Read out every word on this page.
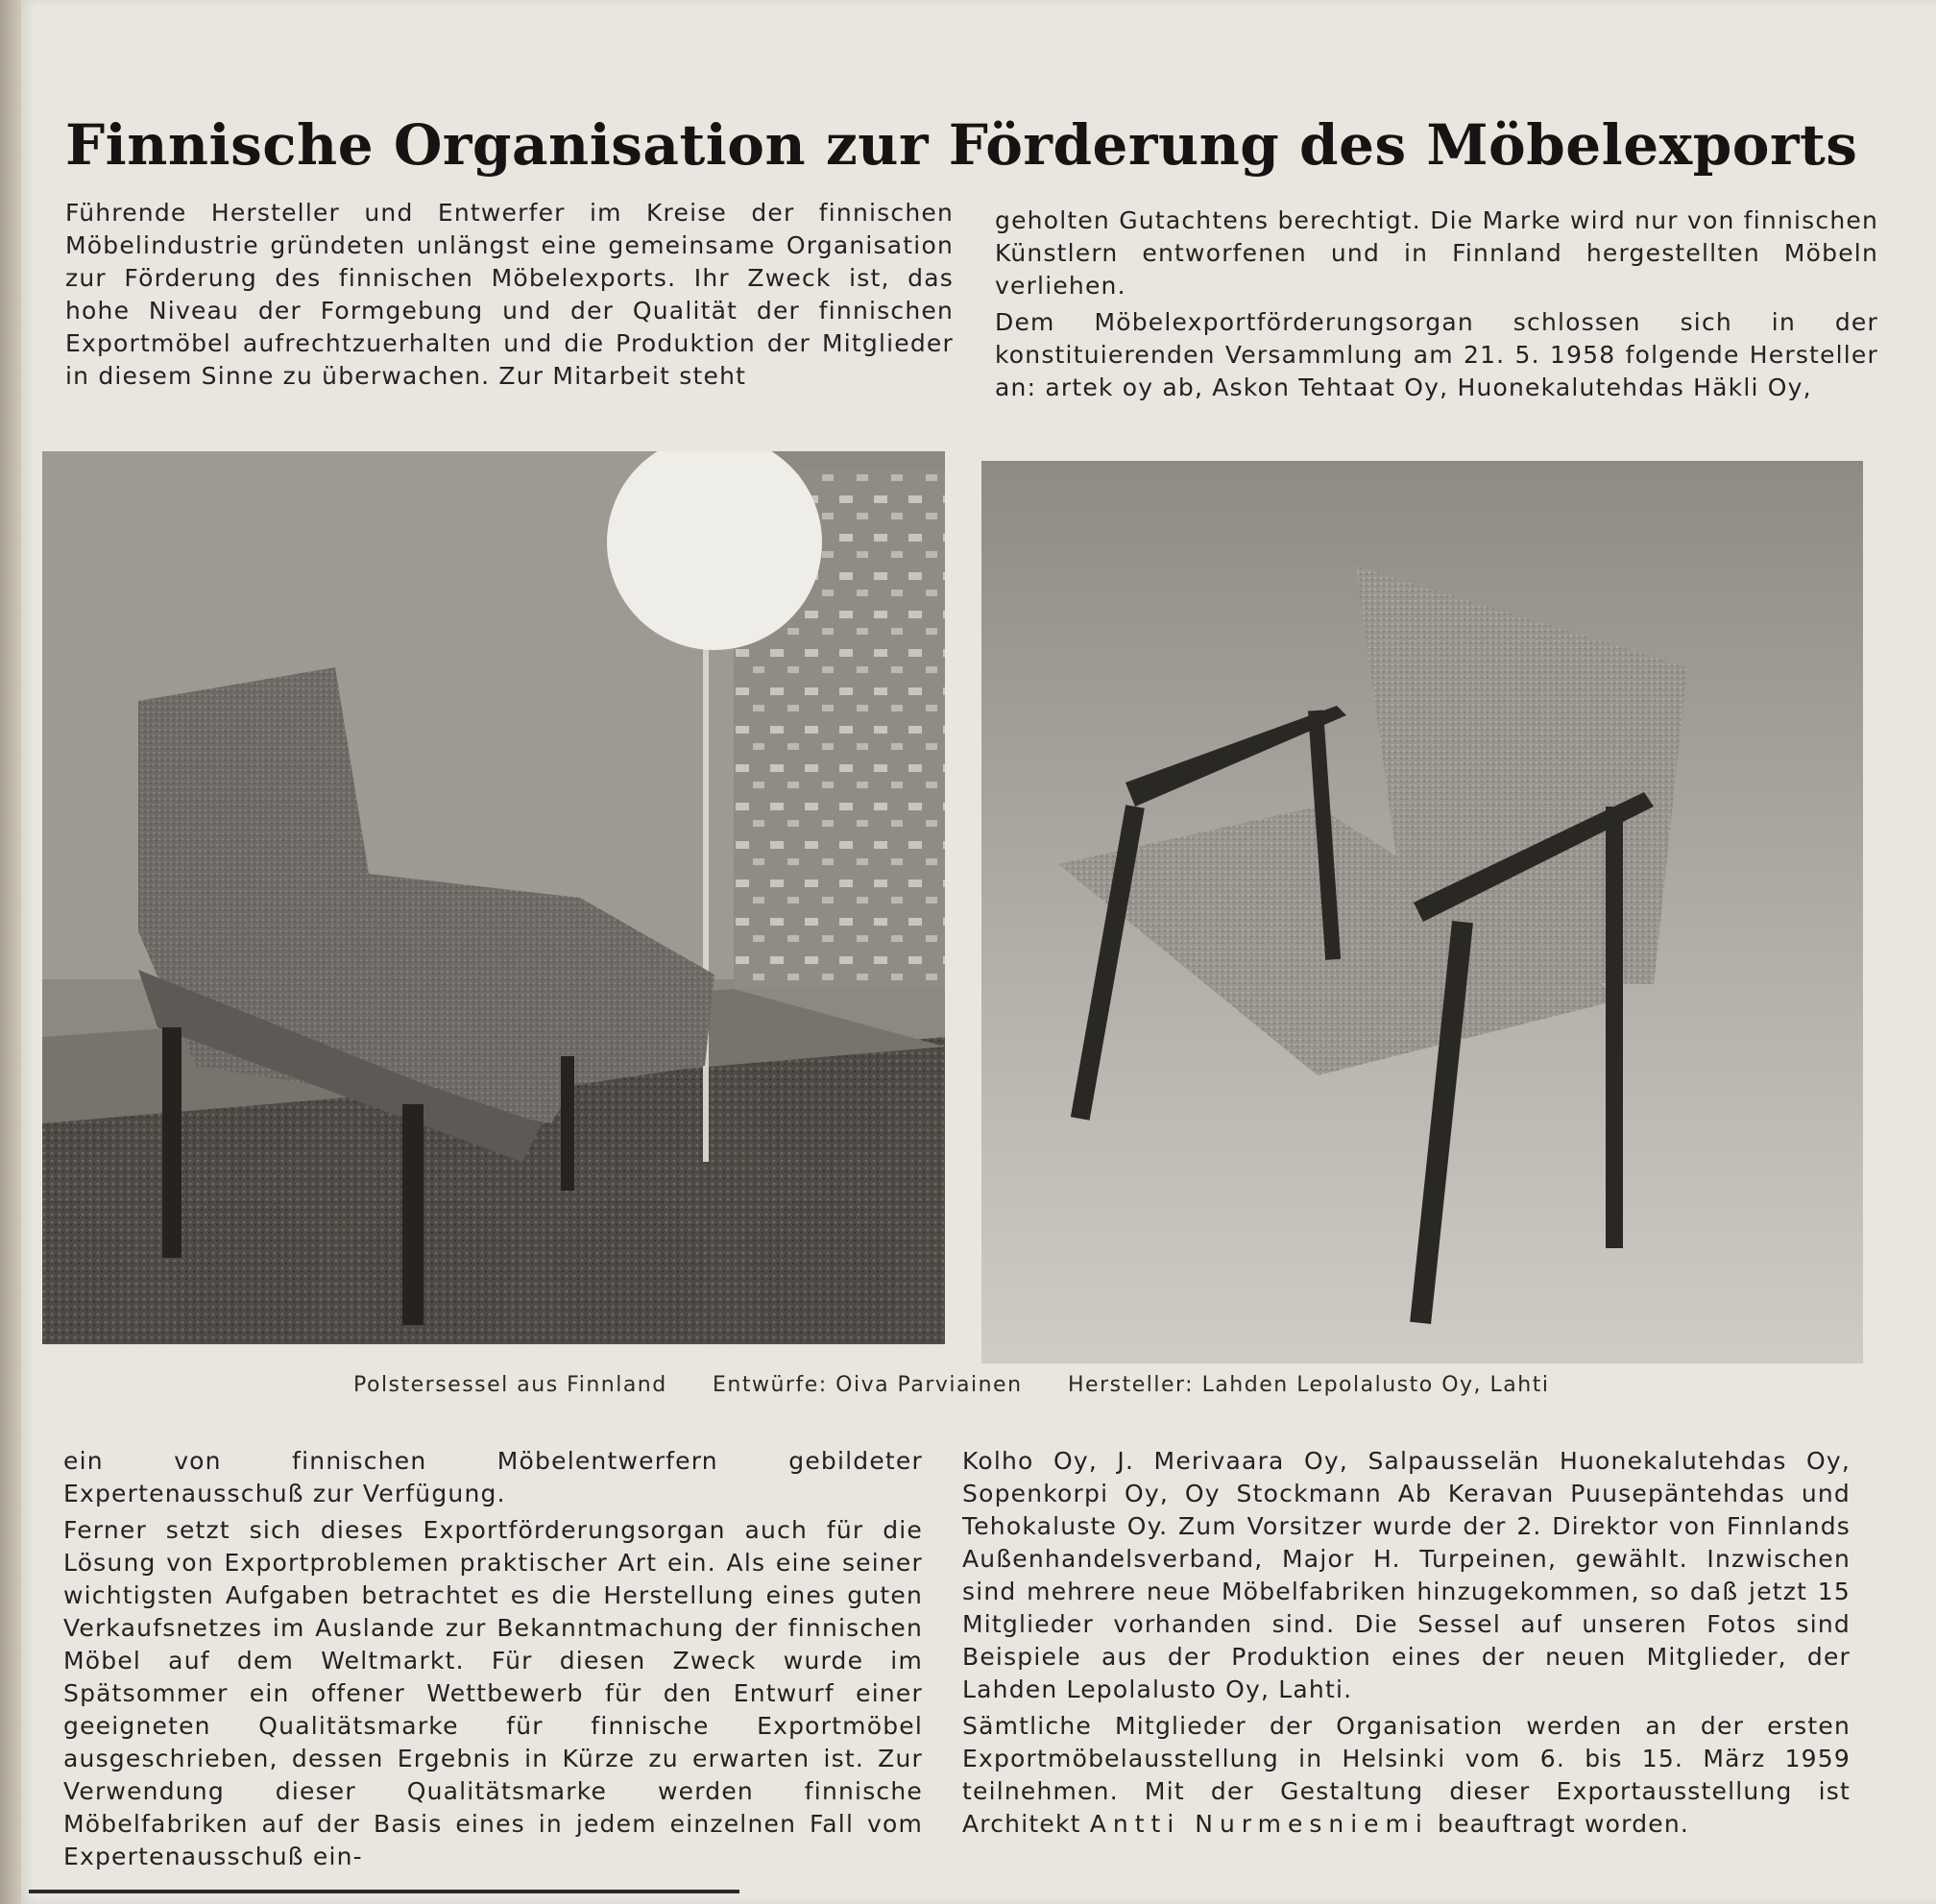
Finnische Organisation zur Förderung des Möbelexports

Führende Hersteller und Entwerfer im Kreise der finnischen Möbelindustrie gründeten unlängst eine gemeinsame Organisation zur Förderung des finnischen Möbelexports. Ihr Zweck ist, das hohe Niveau der Formgebung und der Qualität der finnischen Exportmöbel aufrechtzuerhalten und die Produktion der Mitglieder in diesem Sinne zu überwachen. Zur Mitarbeit steht

geholten Gutachtens berechtigt. Die Marke wird nur von finnischen Künstlern entworfenen und in Finnland hergestellten Möbeln verliehen.

Dem Möbelexportförderungsorgan schlossen sich in der konstituierenden Versammlung am 21. 5. 1958 folgende Hersteller an: artek oy ab, Askon Tehtaat Oy, Huonekalutehdas Häkli Oy,

Polstersessel aus Finnland Entwürfe: Oiva Parviainen Hersteller: Lahden Lepolalusto Oy, Lahti

ein von finnischen Möbelentwerfern gebildeter Expertenausschuß zur Verfügung.

Ferner setzt sich dieses Exportförderungsorgan auch für die Lösung von Exportproblemen praktischer Art ein. Als eine seiner wichtigsten Aufgaben betrachtet es die Herstellung eines guten Verkaufsnetzes im Auslande zur Bekanntmachung der finnischen Möbel auf dem Weltmarkt. Für diesen Zweck wurde im Spätsommer ein offener Wettbewerb für den Entwurf einer geeigneten Qualitätsmarke für finnische Exportmöbel ausgeschrieben, dessen Ergebnis in Kürze zu erwarten ist. Zur Verwendung dieser Qualitätsmarke werden finnische Möbelfabriken auf der Basis eines in jedem einzelnen Fall vom Expertenausschuß ein-

Kolho Oy, J. Merivaara Oy, Salpausselän Huonekalutehdas Oy, Sopenkorpi Oy, Oy Stockmann Ab Keravan Puusepäntehdas und Tehokaluste Oy. Zum Vorsitzer wurde der 2. Direktor von Finnlands Außenhandelsverband, Major H. Turpeinen, gewählt. Inzwischen sind mehrere neue Möbelfabriken hinzugekommen, so daß jetzt 15 Mitglieder vorhanden sind. Die Sessel auf unseren Fotos sind Beispiele aus der Produktion eines der neuen Mitglieder, der Lahden Lepolalusto Oy, Lahti.

Sämtliche Mitglieder der Organisation werden an der ersten Exportmöbelausstellung in Helsinki vom 6. bis 15. März 1959 teilnehmen. Mit der Gestaltung dieser Exportausstellung ist Architekt Antti Nurmesniemi beauftragt worden.
